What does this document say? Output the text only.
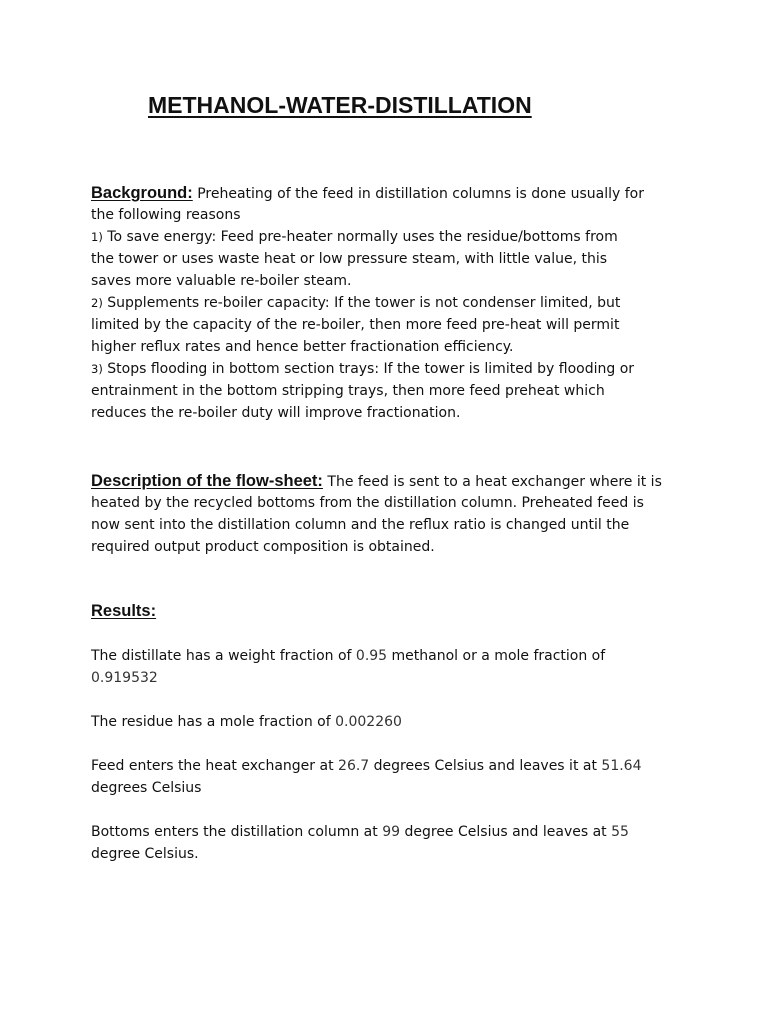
METHANOL-WATER-DISTILLATION
Background: Preheating of the feed in distillation columns is done usually for
the following reasons
1) To save energy: Feed pre-heater normally uses the residue/bottoms from
the tower or uses waste heat or low pressure steam, with little value, this
saves more valuable re-boiler steam.
2) Supplements re-boiler capacity: If the tower is not condenser limited, but
limited by the capacity of the re-boiler, then more feed pre-heat will permit
higher reflux rates and hence better fractionation efficiency.
3) Stops flooding in bottom section trays: If the tower is limited by flooding or
entrainment in the bottom stripping trays, then more feed preheat which
reduces the re-boiler duty will improve fractionation.
Description of the flow-sheet: The feed is sent to a heat exchanger where it is
heated by the recycled bottoms from the distillation column. Preheated feed is
now sent into the distillation column and the reflux ratio is changed until the
required output product composition is obtained.
Results:
The distillate has a weight fraction of 0.95 methanol or a mole fraction of
0.919532
The residue has a mole fraction of 0.002260
Feed enters the heat exchanger at 26.7 degrees Celsius and leaves it at 51.64
degrees Celsius
Bottoms enters the distillation column at 99 degree Celsius and leaves at 55
degree Celsius.
